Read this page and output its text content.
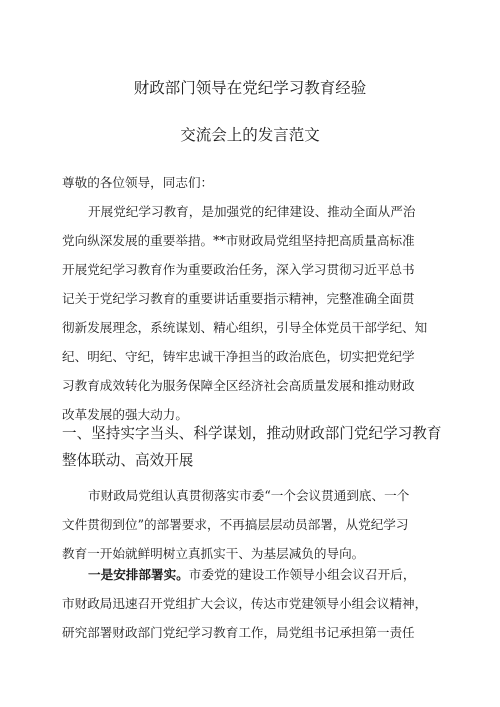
财政部门领导在党纪学习教育经验
交流会上的发言范文
尊敬的各位领导，同志们：
开展党纪学习教育，是加强党的纪律建设、推动全面从严治
党向纵深发展的重要举措。**市财政局党组坚持把高质量高标准
开展党纪学习教育作为重要政治任务，深入学习贯彻习近平总书
记关于党纪学习教育的重要讲话重要指示精神，完整准确全面贯
彻新发展理念，系统谋划、精心组织，引导全体党员干部学纪、知
纪、明纪、守纪，铸牢忠诚干净担当的政治底色，切实把党纪学
习教育成效转化为服务保障全区经济社会高质量发展和推动财政
改革发展的强大动力。
一、坚持实字当头、科学谋划，推动财政部门党纪学习教育
整体联动、高效开展
市财政局党组认真贯彻落实市委“一个会议贯通到底、一个
文件贯彻到位”的部署要求，不再搞层层动员部署，从党纪学习
教育一开始就鲜明树立真抓实干、为基层减负的导向。
一是安排部署实。市委党的建设工作领导小组会议召开后，
市财政局迅速召开党组扩大会议，传达市党建领导小组会议精神，
研究部署财政部门党纪学习教育工作，局党组书记承担第一责任
